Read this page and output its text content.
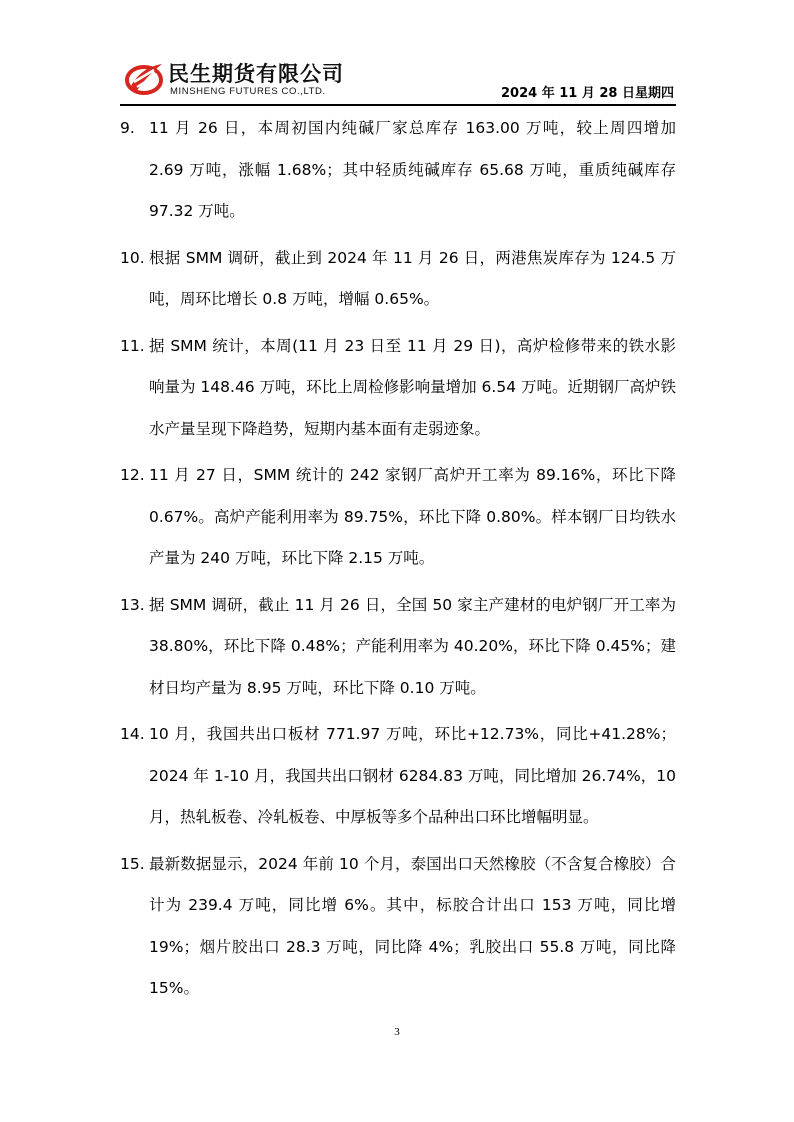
民生期货有限公司
MINSHENG FUTURES CO.,LTD.	2024 年 11 月 28 日星期四
9. 11 月 26 日，本周初国内纯碱厂家总库存 163.00 万吨，较上周四增加 2.69 万吨，涨幅 1.68%；其中轻质纯碱库存 65.68 万吨，重质纯碱库存 97.32 万吨。
10. 根据 SMM 调研，截止到 2024 年 11 月 26 日，两港焦炭库存为 124.5 万吨，周环比增长 0.8 万吨，增幅 0.65%。
11. 据 SMM 统计，本周(11 月 23 日至 11 月 29 日)，高炉检修带来的铁水影响量为 148.46 万吨，环比上周检修影响量增加 6.54 万吨。近期钢厂高炉铁水产量呈现下降趋势，短期内基本面有走弱迹象。
12. 11 月 27 日，SMM 统计的 242 家钢厂高炉开工率为 89.16%，环比下降 0.67%。高炉产能利用率为 89.75%，环比下降 0.80%。样本钢厂日均铁水产量为 240 万吨，环比下降 2.15 万吨。
13. 据 SMM 调研，截止 11 月 26 日，全国 50 家主产建材的电炉钢厂开工率为 38.80%，环比下降 0.48%；产能利用率为 40.20%，环比下降 0.45%；建材日均产量为 8.95 万吨，环比下降 0.10 万吨。
14. 10 月，我国共出口板材 771.97 万吨，环比+12.73%，同比+41.28%；2024 年 1-10 月，我国共出口钢材 6284.83 万吨，同比增加 26.74%，10 月，热轧板卷、冷轧板卷、中厚板等多个品种出口环比增幅明显。
15. 最新数据显示，2024 年前 10 个月，泰国出口天然橡胶（不含复合橡胶）合计为 239.4 万吨，同比增 6%。其中，标胶合计出口 153 万吨，同比增 19%；烟片胶出口 28.3 万吨，同比降 4%；乳胶出口 55.8 万吨，同比降 15%。
3
